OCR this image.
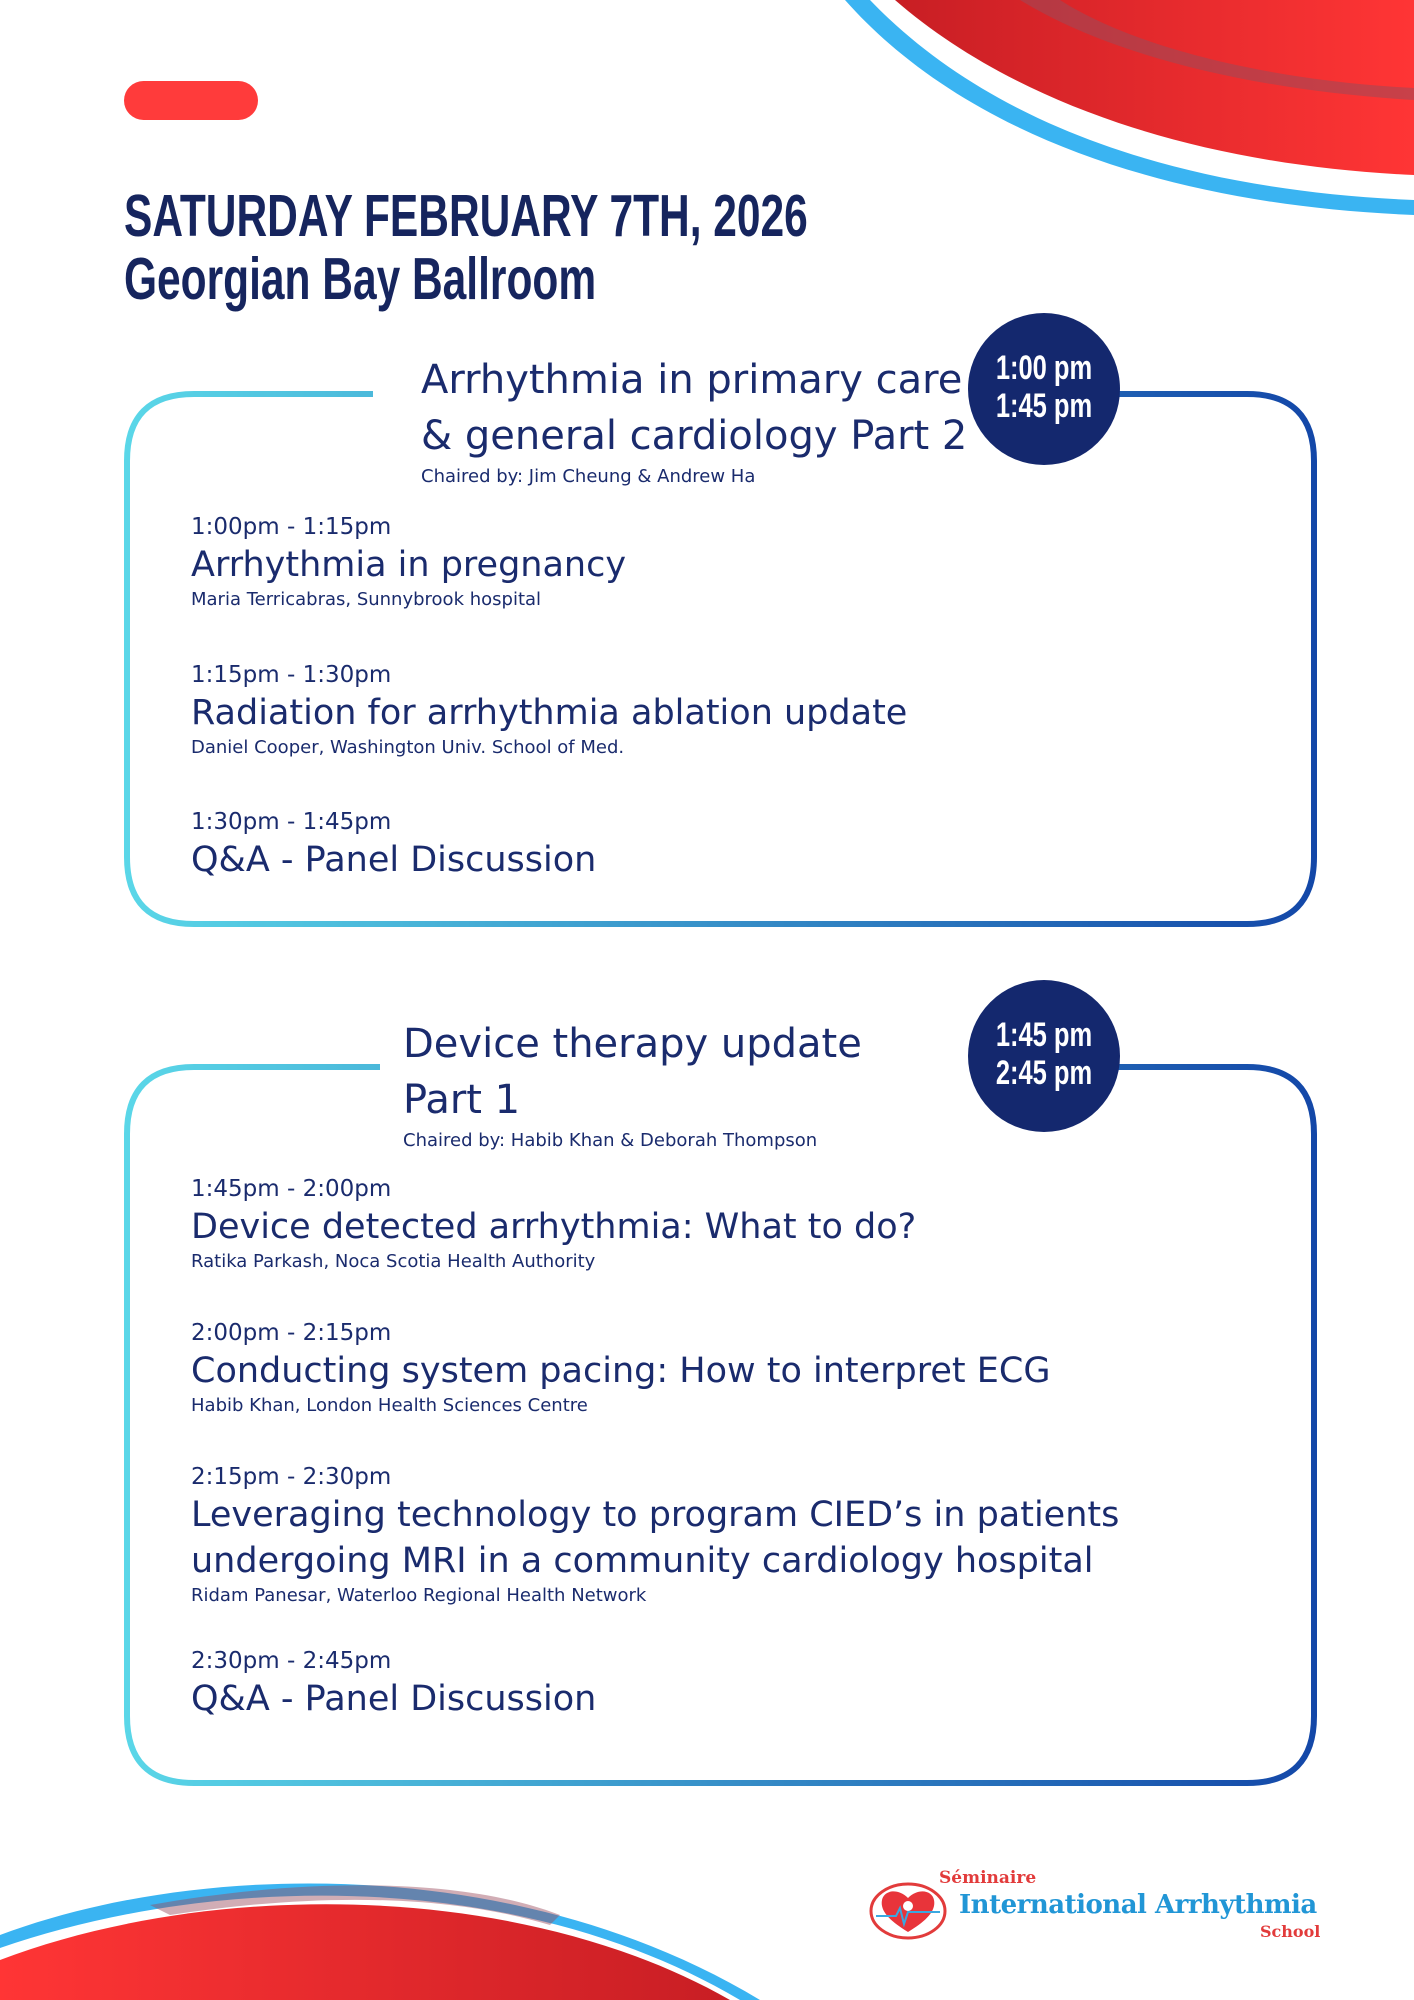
SATURDAY FEBRUARY 7TH, 2026
Georgian Bay Ballroom
Arrhythmia in primary care
& general cardiology Part 2
Chaired by: Jim Cheung & Andrew Ha
1:00 pm
1:45 pm
1:00pm - 1:15pm
Arrhythmia in pregnancy
Maria Terricabras, Sunnybrook hospital
1:15pm - 1:30pm
Radiation for arrhythmia ablation update
Daniel Cooper, Washington Univ. School of Med.
1:30pm - 1:45pm
Q&A - Panel Discussion
Device therapy update
Part 1
Chaired by: Habib Khan & Deborah Thompson
1:45 pm
2:45 pm
1:45pm - 2:00pm
Device detected arrhythmia: What to do?
Ratika Parkash, Noca Scotia Health Authority
2:00pm - 2:15pm
Conducting system pacing: How to interpret ECG
Habib Khan, London Health Sciences Centre
2:15pm - 2:30pm
Leveraging technology to program CIED’s in patients
undergoing MRI in a community cardiology hospital
Ridam Panesar, Waterloo Regional Health Network
2:30pm - 2:45pm
Q&A - Panel Discussion
Séminaire
International Arrhythmia
School
